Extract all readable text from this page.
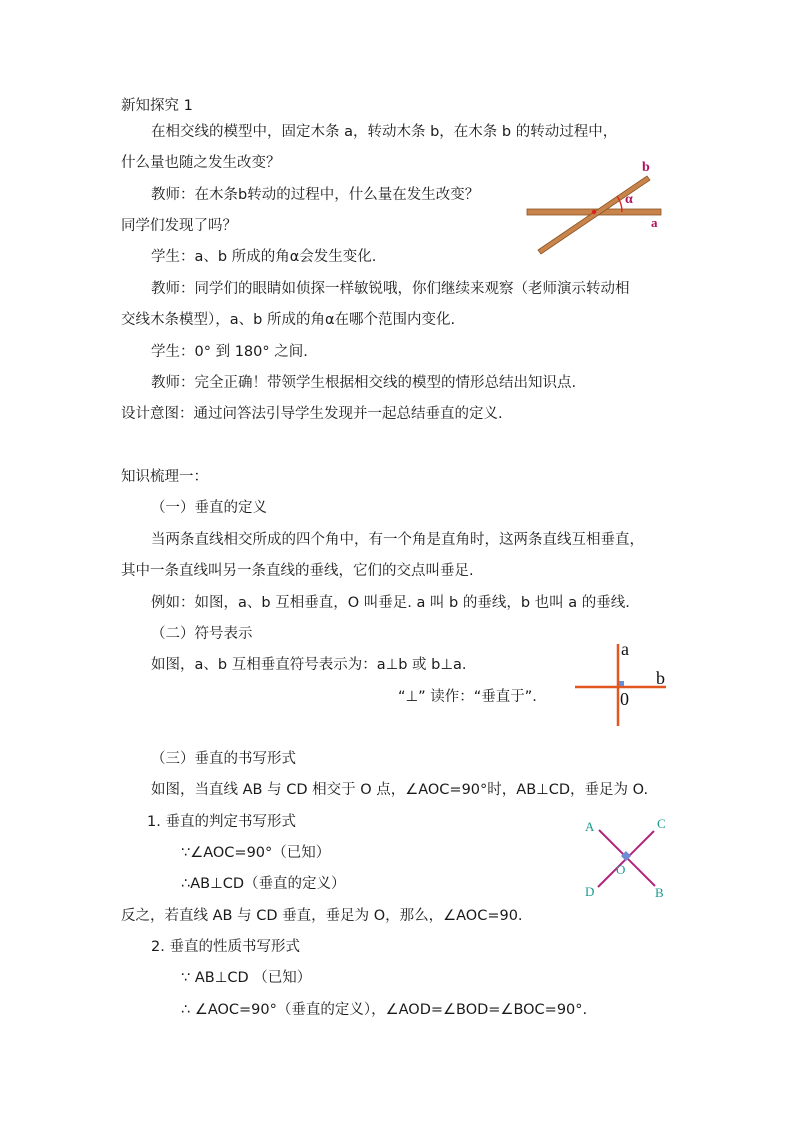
新知探究 1
在相交线的模型中，固定木条 a，转动木条 b，在木条 b 的转动过程中，
什么量也随之发生改变？
教师：在木条b转动的过程中，什么量在发生改变？
同学们发现了吗？
学生：a、b 所成的角α会发生变化.
教师：同学们的眼睛如侦探一样敏锐哦，你们继续来观察（老师演示转动相
交线木条模型），a、b 所成的角α在哪个范围内变化.
学生：0° 到 180° 之间.
教师：完全正确！带领学生根据相交线的模型的情形总结出知识点.
设计意图：通过问答法引导学生发现并一起总结垂直的定义.
α
b
a
知识梳理一：
（一）垂直的定义
当两条直线相交所成的四个角中，有一个角是直角时，这两条直线互相垂直，
其中一条直线叫另一条直线的垂线，它们的交点叫垂足.
例如：如图，a、b 互相垂直，O 叫垂足. a 叫 b 的垂线，b 也叫 a 的垂线.
（二）符号表示
如图，a、b 互相垂直符号表示为：a⊥b 或 b⊥a.
“⊥” 读作：“垂直于”.
a
b
0
（三）垂直的书写形式
如图，当直线 AB 与 CD 相交于 O 点，∠AOC=90°时，AB⊥CD，垂足为 O.
1. 垂直的判定书写形式
∵∠AOC=90°（已知）
∴AB⊥CD（垂直的定义）
反之，若直线 AB 与 CD 垂直，垂足为 O，那么，∠AOC=90.
2. 垂直的性质书写形式
∵ AB⊥CD （已知）
∴ ∠AOC=90°（垂直的定义），∠AOD=∠BOD=∠BOC=90°.
A	C
O
D	B
